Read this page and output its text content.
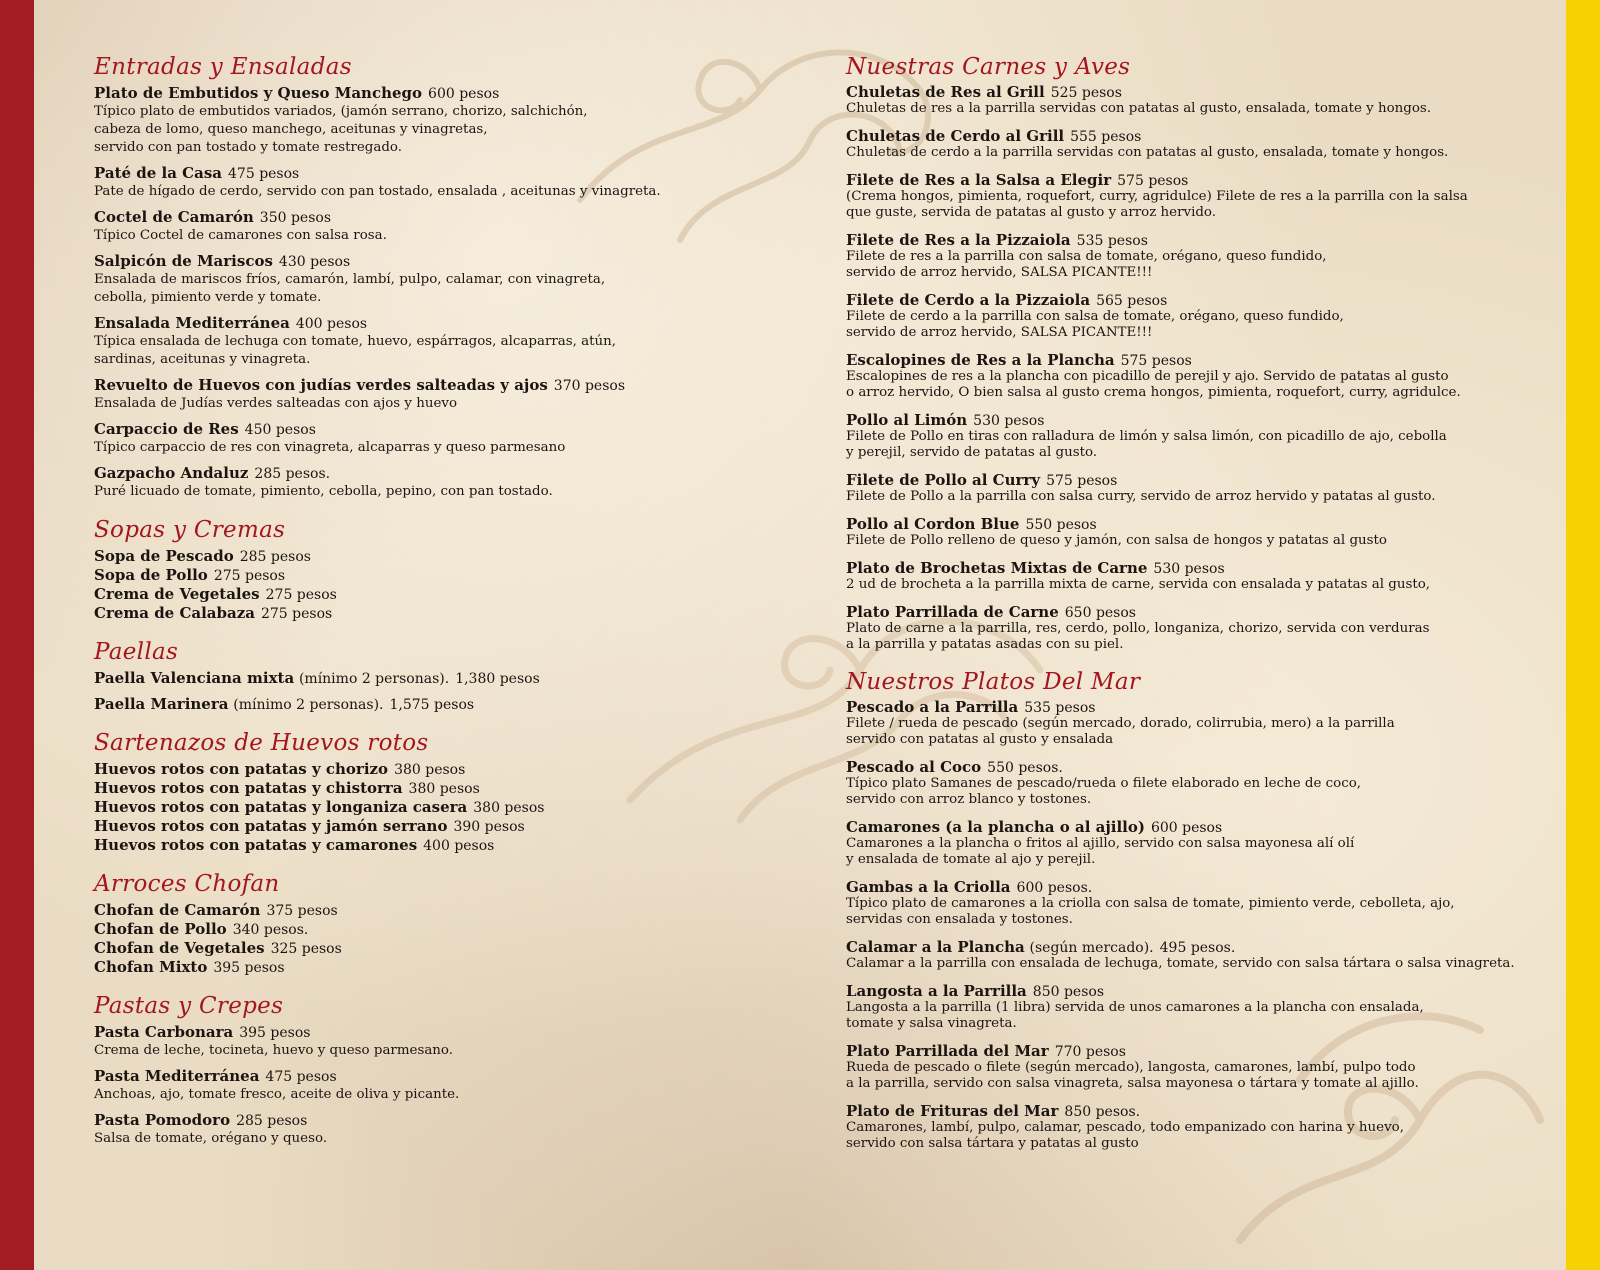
Entradas y Ensaladas
Plato de Embutidos y Queso Manchego 600 pesos
Típico plato de embutidos variados, (jamón serrano, chorizo, salchichón,
cabeza de lomo, queso manchego, aceitunas y vinagretas,
servido con pan tostado y tomate restregado.
Paté de la Casa 475 pesos
Pate de hígado de cerdo, servido con pan tostado, ensalada , aceitunas y vinagreta.
Coctel de Camarón 350 pesos
Típico Coctel de camarones con salsa rosa.
Salpicón de Mariscos 430 pesos
Ensalada de mariscos fríos, camarón, lambí, pulpo, calamar, con vinagreta,
cebolla, pimiento verde y tomate.
Ensalada Mediterránea 400 pesos
Típica ensalada de lechuga con tomate, huevo, espárragos, alcaparras, atún,
sardinas, aceitunas y vinagreta.
Revuelto de Huevos con judías verdes salteadas y ajos 370 pesos
Ensalada de Judías verdes salteadas con ajos y huevo
Carpaccio de Res 450 pesos
Típico carpaccio de res con vinagreta, alcaparras y queso parmesano
Gazpacho Andaluz 285 pesos.
Puré licuado de tomate, pimiento, cebolla, pepino, con pan tostado.
Sopas y Cremas
Sopa de Pescado 285 pesos
Sopa de Pollo 275 pesos
Crema de Vegetales 275 pesos
Crema de Calabaza 275 pesos
Paellas
Paella Valenciana mixta (mínimo 2 personas). 1,380 pesos
Paella Marinera (mínimo 2 personas). 1,575 pesos
Sartenazos de Huevos rotos
Huevos rotos con patatas y chorizo 380 pesos
Huevos rotos con patatas y chistorra 380 pesos
Huevos rotos con patatas y longaniza casera 380 pesos
Huevos rotos con patatas y jamón serrano 390 pesos
Huevos rotos con patatas y camarones 400 pesos
Arroces Chofan
Chofan de Camarón 375 pesos
Chofan de Pollo 340 pesos.
Chofan de Vegetales 325 pesos
Chofan Mixto 395 pesos
Pastas y Crepes
Pasta Carbonara 395 pesos
Crema de leche, tocineta, huevo y queso parmesano.
Pasta Mediterránea 475 pesos
Anchoas, ajo, tomate fresco, aceite de oliva y picante.
Pasta Pomodoro 285 pesos
Salsa de tomate, orégano y queso.
Nuestras Carnes y Aves
Chuletas de Res al Grill 525 pesos
Chuletas de res a la parrilla servidas con patatas al gusto, ensalada, tomate y hongos.
Chuletas de Cerdo al Grill 555 pesos
Chuletas de cerdo a la parrilla servidas con patatas al gusto, ensalada, tomate y hongos.
Filete de Res a la Salsa a Elegir 575 pesos
(Crema hongos, pimienta, roquefort, curry, agridulce) Filete de res a la parrilla con la salsa
que guste, servida de patatas al gusto y arroz hervido.
Filete de Res a la Pizzaiola 535 pesos
Filete de res a la parrilla con salsa de tomate, orégano, queso fundido,
servido de arroz hervido, SALSA PICANTE!!!
Filete de Cerdo a la Pizzaiola 565 pesos
Filete de cerdo a la parrilla con salsa de tomate, orégano, queso fundido,
servido de arroz hervido, SALSA PICANTE!!!
Escalopines de Res a la Plancha 575 pesos
Escalopines de res a la plancha con picadillo de perejil y ajo. Servido de patatas al gusto
o arroz hervido, O bien salsa al gusto crema hongos, pimienta, roquefort, curry, agridulce.
Pollo al Limón 530 pesos
Filete de Pollo en tiras con ralladura de limón y salsa limón, con picadillo de ajo, cebolla
y perejil, servido de patatas al gusto.
Filete de Pollo al Curry 575 pesos
Filete de Pollo a la parrilla con salsa curry, servido de arroz hervido y patatas al gusto.
Pollo al Cordon Blue 550 pesos
Filete de Pollo relleno de queso y jamón, con salsa de hongos y patatas al gusto
Plato de Brochetas Mixtas de Carne 530 pesos
2 ud de brocheta a la parrilla mixta de carne, servida con ensalada y patatas al gusto,
Plato Parrillada de Carne 650 pesos
Plato de carne a la parrilla, res, cerdo, pollo, longaniza, chorizo, servida con verduras
a la parrilla y patatas asadas con su piel.
Nuestros Platos Del Mar
Pescado a la Parrilla 535 pesos
Filete / rueda de pescado (según mercado, dorado, colirrubia, mero) a la parrilla
servido con patatas al gusto y ensalada
Pescado al Coco 550 pesos.
Típico plato Samanes de pescado/rueda o filete elaborado en leche de coco,
servido con arroz blanco y tostones.
Camarones (a la plancha o al ajillo) 600 pesos
Camarones a la plancha o fritos al ajillo, servido con salsa mayonesa alí olí
y ensalada de tomate al ajo y perejil.
Gambas a la Criolla 600 pesos.
Típico plato de camarones a la criolla con salsa de tomate, pimiento verde, cebolleta, ajo,
servidas con ensalada y tostones.
Calamar a la Plancha (según mercado). 495 pesos.
Calamar a la parrilla con ensalada de lechuga, tomate, servido con salsa tártara o salsa vinagreta.
Langosta a la Parrilla 850 pesos
Langosta a la parrilla (1 libra) servida de unos camarones a la plancha con ensalada,
tomate y salsa vinagreta.
Plato Parrillada del Mar 770 pesos
Rueda de pescado o filete (según mercado), langosta, camarones, lambí, pulpo todo
a la parrilla, servido con salsa vinagreta, salsa mayonesa o tártara y tomate al ajillo.
Plato de Frituras del Mar 850 pesos.
Camarones, lambí, pulpo, calamar, pescado, todo empanizado con harina y huevo,
servido con salsa tártara y patatas al gusto
